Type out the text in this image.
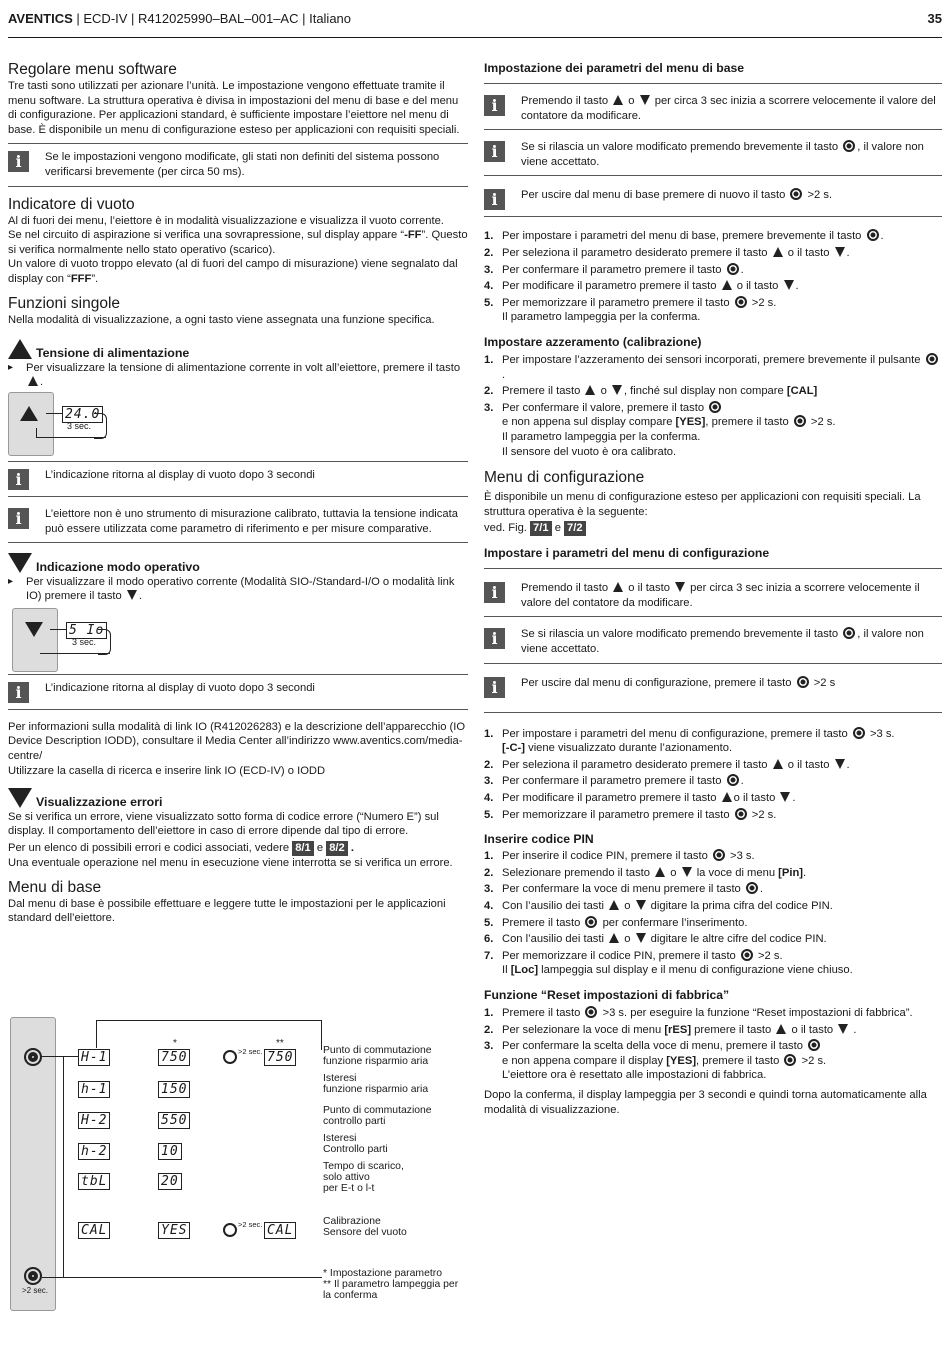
AVENTICS | ECD-IV | R412025990–BAL–001–AC | Italiano	35
Regolare menu software

Tre tasti sono utilizzati per azionare l’unità. Le impostazione vengono effettuate tramite il menu software. La struttura operativa è divisa in impostazioni del menu di base e del menu di configurazione. Per applicazioni standard, è sufficiente impostare l’eiettore nel menu di base. È disponibile un menu di configurazione esteso per applicazioni con requisiti speciali.

i	Se le impostazioni vengono modificate, gli stati non definiti del sistema possono verificarsi brevemente (per circa 50 ms).

Indicatore di vuoto

Al di fuori dei menu, l’eiettore è in modalità visualizzazione e visualizza il vuoto corrente.

Se nel circuito di aspirazione si verifica una sovrapressione, sul display appare “-FF”. Questo si verifica normalmente nello stato operativo (scarico).

Un valore di vuoto troppo elevato (al di fuori del campo di misurazione) viene segnalato dal display con “FFF”.

Funzioni singole

Nella modalità di visualizzazione, a ogni tasto viene assegnata una funzione specifica.

Tensione di alimentazione

▸ Per visualizzare la tensione di alimentazione corrente in volt all’eiettore, premere il tasto .

24.0
3 sec.
i	L’indicazione ritorna al display di vuoto dopo 3 secondi

i	L’eiettore non è uno strumento di misurazione calibrato, tuttavia la tensione indicata può essere utilizzata come parametro di riferimento e per misure comparative.

Indicazione modo operativo

▸ Per visualizzare il modo operativo corrente (Modalità SIO-/Standard-I/O o modalità link IO) premere il tasto .

5 Io
3 sec.
i	L’indicazione ritorna al display di vuoto dopo 3 secondi

Per informazioni sulla modalità di link IO (R412026283) e la descrizione dell’apparecchio (IO Device Description IODD), consultare il Media Center all’indirizzo www.aventics.com/media-centre/

Utilizzare la casella di ricerca e inserire link IO (ECD-IV) o IODD

Visualizzazione errori

Se si verifica un errore, viene visualizzato sotto forma di codice errore (“Numero E”) sul display. Il comportamento dell’eiettore in caso di errore dipende dal tipo di errore.

Per un elenco di possibili errori e codici associati, vedere 8/1 e 8/2 .

Una eventuale operazione nel menu in esecuzione viene interrotta se si verifica un errore.

Menu di base

Dal menu di base è possibile effettuare e leggere tutte le impostazioni per le applicazioni standard dell’eiettore.

>2 sec.
H-1	750
*
>2 sec. 750
**
Punto di commutazione
funzione risparmio aria
h-1	150
Isteresi
funzione risparmio aria
H-2	550
Punto di commutazione
controllo parti
h-2	10
Isteresi
Controllo parti
tbL	20
Tempo di scarico,
solo attivo
per E-t o l-t
CAL	YES	>2 sec. CAL
Calibrazione
Sensore del vuoto
* Impostazione parametro
** Il parametro lampeggia per
la conferma
Impostazione dei parametri del menu di base
i	Premendo il tasto o per circa 3 sec inizia a scorrere velocemente il valore del contatore da modificare.

i	Se si rilascia un valore modificato premendo brevemente il tasto , il valore non viene accettato.

i	Per uscire dal menu di base premere di nuovo il tasto >2 s.

1. Per impostare i parametri del menu di base, premere brevemente il tasto .
2. Per seleziona il parametro desiderato premere il tasto o il tasto .
3. Per confermare il parametro premere il tasto .
4. Per modificare il parametro premere il tasto o il tasto .
5. Per memorizzare il parametro premere il tasto >2 s.
Il parametro lampeggia per la conferma.
Impostare azzeramento (calibrazione)
1. Per impostare l’azzeramento dei sensori incorporati, premere brevemente il pulsante .
2. Premere il tasto o , finché sul display non compare [CAL]
3. Per confermare il valore, premere il tasto
e non appena sul display compare [YES], premere il tasto >2 s.
Il parametro lampeggia per la conferma.
Il sensore del vuoto è ora calibrato.
Menu di configurazione

È disponibile un menu di configurazione esteso per applicazioni con requisiti speciali. La struttura operativa è la seguente:

ved. Fig. 7/1 e 7/2

Impostare i parametri del menu di configurazione
i	Premendo il tasto o il tasto per circa 3 sec inizia a scorrere velocemente il valore del contatore da modificare.

i	Se si rilascia un valore modificato premendo brevemente il tasto , il valore non viene accettato.

i	Per uscire dal menu di configurazione, premere il tasto >2 s

1. Per impostare i parametri del menu di configurazione, premere il tasto >3 s.
[-C-] viene visualizzato durante l’azionamento.
2. Per seleziona il parametro desiderato premere il tasto o il tasto .
3. Per confermare il parametro premere il tasto .
4. Per modificare il parametro premere il tasto o il tasto .
5. Per memorizzare il parametro premere il tasto >2 s.
Inserire codice PIN
1. Per inserire il codice PIN, premere il tasto >3 s.
2. Selezionare premendo il tasto o la voce di menu [Pin].
3. Per confermare la voce di menu premere il tasto .
4. Con l’ausilio dei tasti o digitare la prima cifra del codice PIN.
5. Premere il tasto per confermare l’inserimento.
6. Con l’ausilio dei tasti o digitare le altre cifre del codice PIN.
7. Per memorizzare il codice PIN, premere il tasto >2 s.
Il [Loc] lampeggia sul display e il menu di configurazione viene chiuso.
Funzione “Reset impostazioni di fabbrica”
1. Premere il tasto >3 s. per eseguire la funzione “Reset impostazioni di fabbrica”.
2. Per selezionare la voce di menu [rES] premere il tasto o il tasto  .
3. Per confermare la scelta della voce di menu, premere il tasto
e non appena compare il display [YES], premere il tasto >2 s.
L’eiettore ora è resettato alle impostazioni di fabbrica.

Dopo la conferma, il display lampeggia per 3 secondi e quindi torna automaticamente alla modalità di visualizzazione.
